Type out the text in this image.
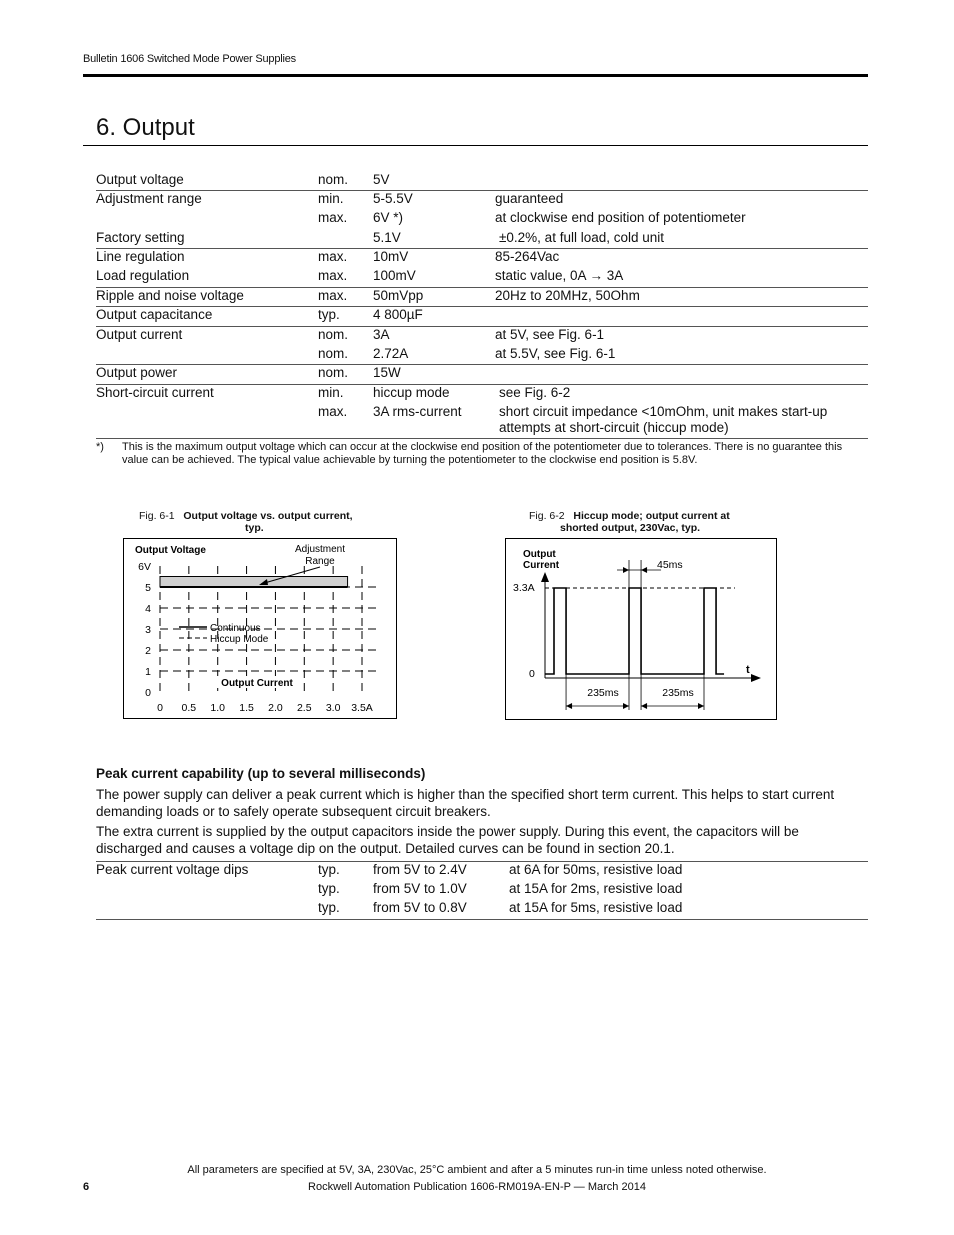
Bulletin 1606 Switched Mode Power Supplies
6. Output
Output voltage	nom. 5V
Adjustment range	min. 5-5.5V	guaranteed
max. 6V *)	at clockwise end position of potentiometer
Factory setting	5.1V	±0.2%, at full load, cold unit
Line regulation	max. 10mV	85-264Vac
Load regulation	max. 100mV	static value, 0A → 3A
Ripple and noise voltage	max. 50mVpp	20Hz to 20MHz, 50Ohm
Output capacitance	typ. 4 800µF
Output current	nom. 3A	at 5V, see Fig. 6-1
nom. 2.72A	at 5.5V, see Fig. 6-1
Output power	nom. 15W
Short-circuit current	min. hiccup mode	see Fig. 6-2
max. 3A rms-current	short circuit impedance <10mOhm, unit makes start-up
attempts at short-circuit (hiccup mode)
*) This is the maximum output voltage which can occur at the clockwise end position of the potentiometer due to tolerances. There is no guarantee this value can be achieved. The typical value achievable by turning the potentiometer to the clockwise end position is 5.8V.
Fig. 6-1 Output voltage vs. output current,
typ.
Fig. 6-2 Hiccup mode; output current at
shorted output, 230Vac, typ.
0 0.5 1.0 1.5 2.0 2.5 3.0 3.5A
0
1
2
3
4
5
6V
Output Voltage	Adjustment
Range
Continuous
Hiccup Mode
Output Current
Output
Current
3.3A
0	t
45ms
235ms	235ms
Peak current capability (up to several milliseconds)
The power supply can deliver a peak current which is higher than the specified short term current. This helps to start current demanding loads or to safely operate subsequent circuit breakers.
The extra current is supplied by the output capacitors inside the power supply. During this event, the capacitors will be discharged and causes a voltage dip on the output. Detailed curves can be found in section 20.1.
Peak current voltage dips	typ. from 5V to 2.4V	at 6A for 50ms, resistive load
typ. from 5V to 1.0V	at 15A for 2ms, resistive load
typ. from 5V to 0.8V	at 15A for 5ms, resistive load
All parameters are specified at 5V, 3A, 230Vac, 25°C ambient and after a 5 minutes run-in time unless noted otherwise.
Rockwell Automation Publication 1606-RM019A-EN-P — March 2014
6
